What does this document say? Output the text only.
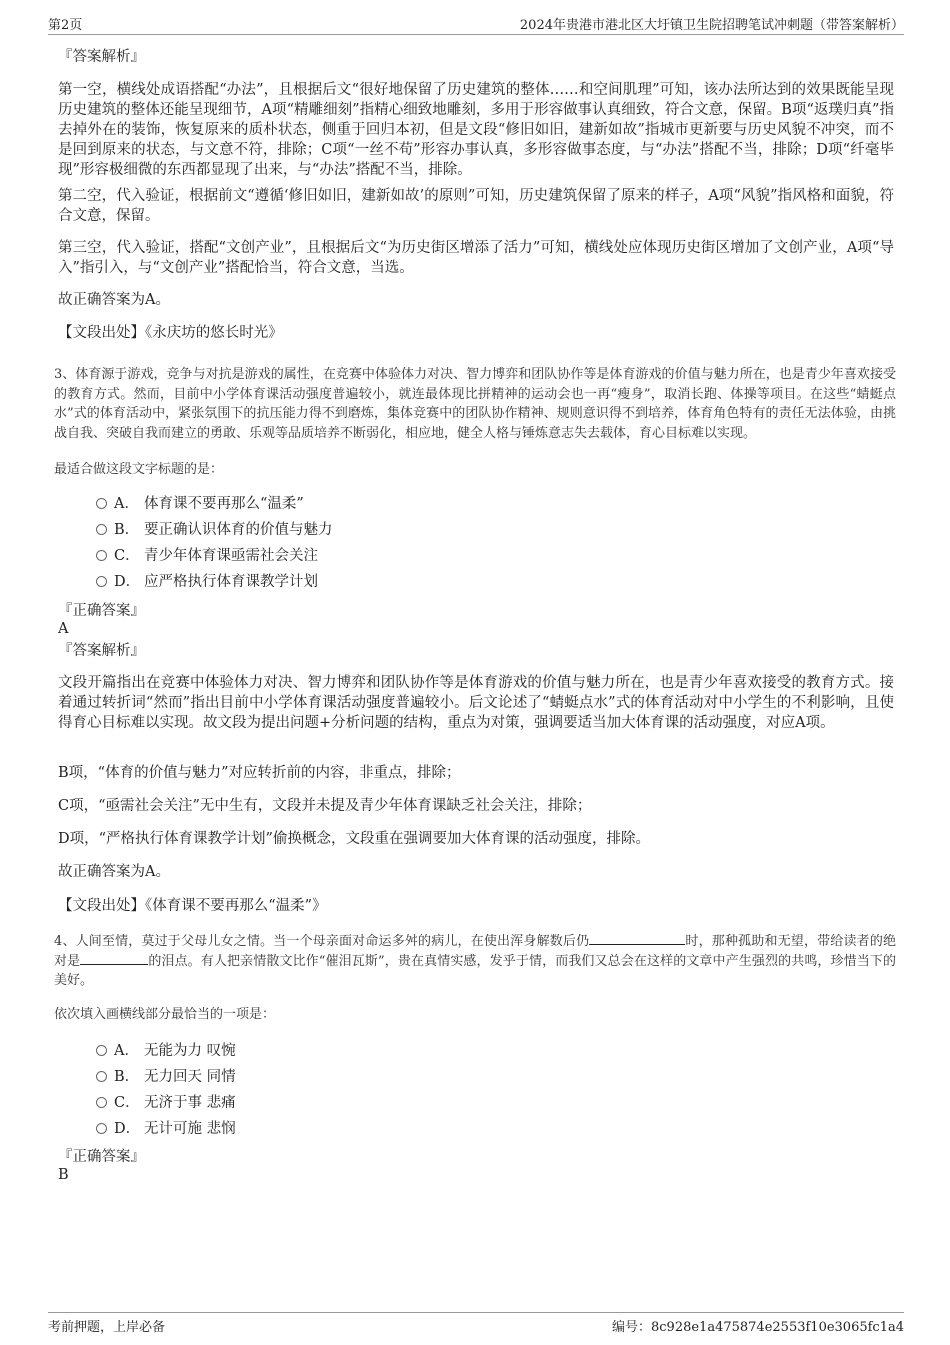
第2页	2024年贵港市港北区大圩镇卫生院招聘笔试冲刺题（带答案解析）
『答案解析』

第一空，横线处成语搭配“办法”，且根据后文“很好地保留了历史建筑的整体……和空间肌理”可知，该办法所达到的效果既能呈现历史建筑的整体还能呈现细节，A项“精雕细刻”指精心细致地雕刻，多用于形容做事认真细致，符合文意，保留。B项“返璞归真”指去掉外在的装饰，恢复原来的质朴状态，侧重于回归本初，但是文段“修旧如旧，建新如故”指城市更新要与历史风貌不冲突，而不是回到原来的状态，与文意不符，排除；C项“一丝不苟”形容办事认真，多形容做事态度，与“办法”搭配不当，排除；D项“纤毫毕现”形容极细微的东西都显现了出来，与“办法”搭配不当，排除。

第二空，代入验证，根据前文“遵循‘修旧如旧，建新如故’的原则”可知，历史建筑保留了原来的样子，A项“风貌”指风格和面貌，符合文意，保留。

第三空，代入验证，搭配“文创产业”，且根据后文“为历史街区增添了活力”可知，横线处应体现历史街区增加了文创产业，A项“导入”指引入，与“文创产业”搭配恰当，符合文意，当选。

故正确答案为A。

【文段出处】《永庆坊的悠长时光》

3、体育源于游戏，竞争与对抗是游戏的属性，在竞赛中体验体力对决、智力博弈和团队协作等是体育游戏的价值与魅力所在，也是青少年喜欢接受的教育方式。然而，目前中小学体育课活动强度普遍较小，就连最体现比拼精神的运动会也一再“瘦身”，取消长跑、体操等项目。在这些“蜻蜓点水”式的体育活动中，紧张氛围下的抗压能力得不到磨炼，集体竞赛中的团队协作精神、规则意识得不到培养，体育角色特有的责任无法体验，由挑战自我、突破自我而建立的勇敢、乐观等品质培养不断弱化，相应地，健全人格与锤炼意志失去载体，育心目标难以实现。

最适合做这段文字标题的是：

A． 体育课不要再那么“温柔”
B． 要正确认识体育的价值与魅力
C． 青少年体育课亟需社会关注
D． 应严格执行体育课教学计划
『正确答案』
A
『答案解析』

文段开篇指出在竞赛中体验体力对决、智力博弈和团队协作等是体育游戏的价值与魅力所在，也是青少年喜欢接受的教育方式。接着通过转折词“然而”指出目前中小学体育课活动强度普遍较小。后文论述了“蜻蜓点水”式的体育活动对中小学生的不利影响，且使得育心目标难以实现。故文段为提出问题+分析问题的结构，重点为对策，强调要适当加大体育课的活动强度，对应A项。

B项，“体育的价值与魅力”对应转折前的内容，非重点，排除；

C项，“亟需社会关注”无中生有，文段并未提及青少年体育课缺乏社会关注，排除；

D项，“严格执行体育课教学计划”偷换概念，文段重在强调要加大体育课的活动强度，排除。

故正确答案为A。

【文段出处】《体育课不要再那么“温柔”》

4、人间至情，莫过于父母儿女之情。当一个母亲面对命运多舛的病儿，在使出浑身解数后仍	时，那种孤助和无望，带给读者的绝对是	的泪点。有人把亲情散文比作“催泪瓦斯”，贵在真情实感，发乎于情，而我们又总会在这样的文章中产生强烈的共鸣，珍惜当下的美好。

依次填入画横线部分最恰当的一项是：

A． 无能为力 叹惋
B． 无力回天 同情
C． 无济于事 悲痛
D． 无计可施 悲悯
『正确答案』
B
考前押题，上岸必备	编号：8c928e1a475874e2553f10e3065fc1a4
